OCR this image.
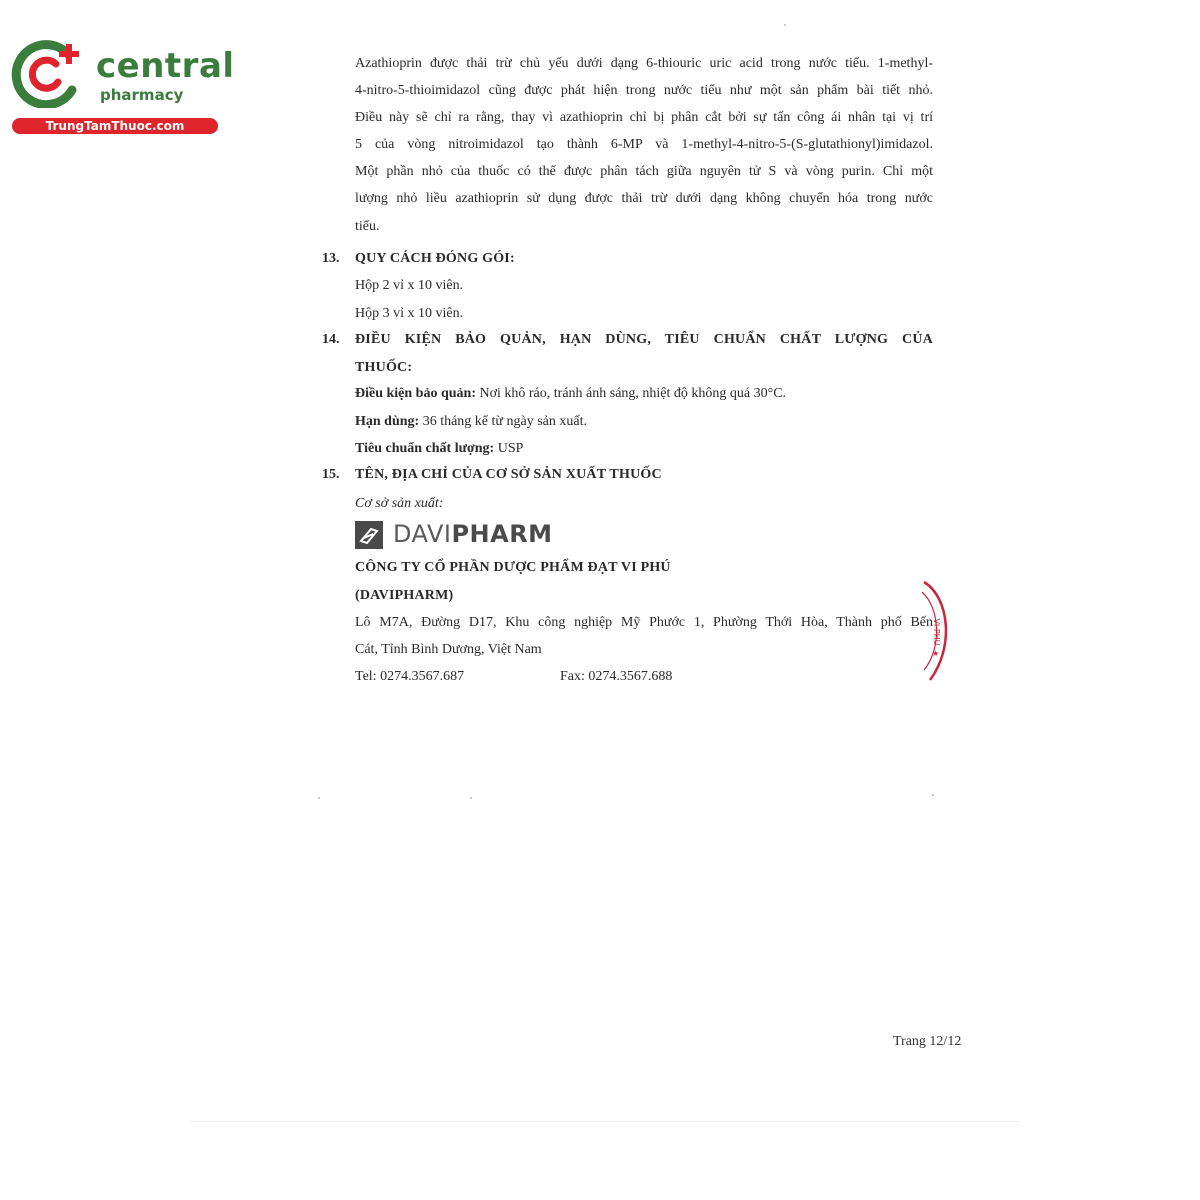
central
pharmacy
TrungTamThuoc.com
Azathioprin được thải trừ chủ yếu dưới dạng 6-thiouric uric acid trong nước tiểu. 1-methyl-
4-nitro-5-thioimidazol cũng được phát hiện trong nước tiểu như một sản phẩm bài tiết nhỏ.
Điều này sẽ chỉ ra rằng, thay vì azathioprin chỉ bị phân cắt bởi sự tấn công ái nhân tại vị trí
5 của vòng nitroimidazol tạo thành 6-MP và 1-methyl-4-nitro-5-(S-glutathionyl)imidazol.
Một phần nhỏ của thuốc có thể được phân tách giữa nguyên tử S và vòng purin. Chỉ một
lượng nhỏ liều azathioprin sử dụng được thải trừ dưới dạng không chuyển hóa trong nước
tiểu.
13. QUY CÁCH ĐÓNG GÓI:
Hộp 2 vỉ x 10 viên.
Hộp 3 vỉ x 10 viên.
14. ĐIỀU KIỆN BẢO QUẢN, HẠN DÙNG, TIÊU CHUẨN CHẤT LƯỢNG CỦA
THUỐC:
Điều kiện bảo quản: Nơi khô ráo, tránh ánh sáng, nhiệt độ không quá 30°C.
Hạn dùng: 36 tháng kể từ ngày sản xuất.
Tiêu chuẩn chất lượng: USP
15. TÊN, ĐỊA CHỈ CỦA CƠ SỞ SẢN XUẤT THUỐC
Cơ sở sản xuất:
DAVIPHARM
CÔNG TY CỔ PHẦN DƯỢC PHẨM ĐẠT VI PHÚ
(DAVIPHARM)
Lô M7A, Đường D17, Khu công nghiệp Mỹ Phước 1, Phường Thới Hòa, Thành phố Bến
Cát, Tỉnh Bình Dương, Việt Nam
Tel: 0274.3567.687	Fax: 0274.3567.688
VI PHÚ
★
Trang 12/12
